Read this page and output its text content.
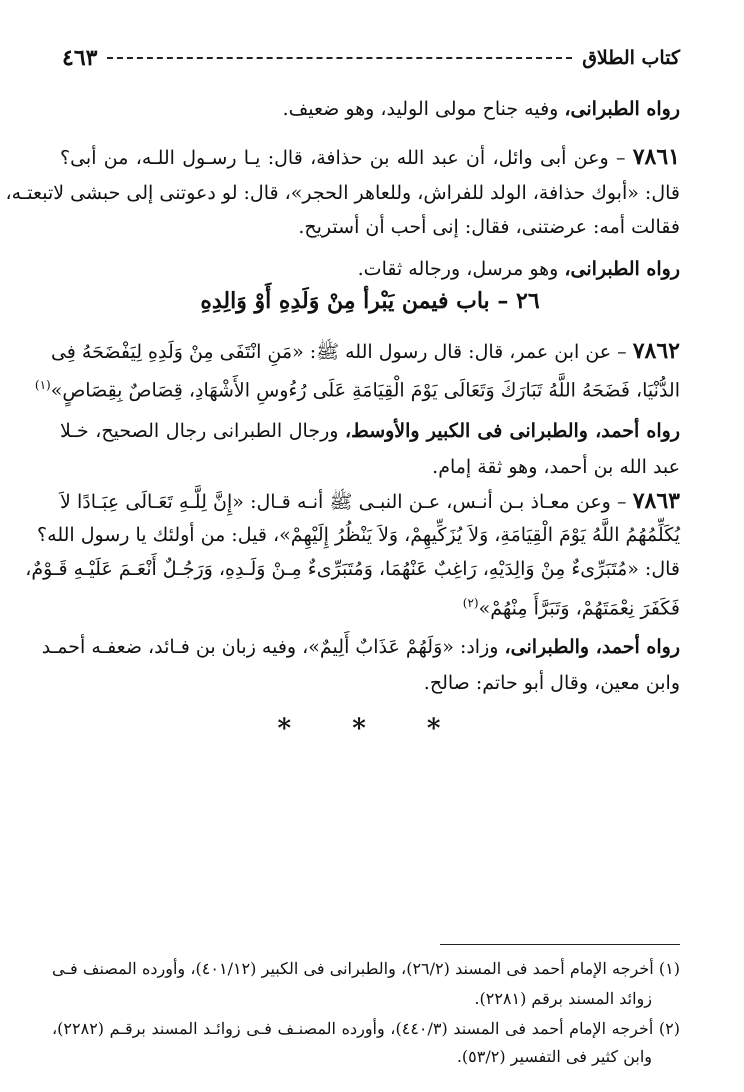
كتاب الطلاق
٤٦٣
رواه الطبرانى، وفيه جناح مولى الوليد، وهو ضعيف.
٧٨٦١ – وعن أبى وائل، أن عبد الله بن حذافة، قال: يـا رسـول اللـه، من أبى؟
قال: «أبوك حذافة، الولد للفراش، وللعاهر الحجر»، قال: لو دعوتنى إلى حبشى لاتبعتـه،
فقالت أمه: عرضتنى، فقال: إنى أحب أن أستريح.
رواه الطبرانى، وهو مرسل، ورجاله ثقات.
٢٦ – باب فيمن يَبْرأ مِنْ وَلَدِهِ أَوْ وَالِدِهِ
٧٨٦٢ – عن ابن عمر، قال: قال رسول الله ﷺ: «مَنِ انْتَفَى مِنْ وَلَدِهِ لِيَفْضَحَهُ فِى
الدُّنْيَا، فَضَحَهُ اللَّهُ تَبَارَكَ وَتَعَالَى يَوْمَ الْقِيَامَةِ عَلَى رُءُوسِ الأَشْهَادِ، قِصَاصٌ بِقِصَاصٍ»$^{(١)}$
رواه أحمد، والطبرانى فى الكبير والأوسط، ورجال الطبرانى رجال الصحيح، خـلا
عبد الله بن أحمد، وهو ثقة إمام.
٧٨٦٣ – وعن معـاذ بـن أنـس، عـن النبـى ﷺ أنـه قـال: «إِنَّ لِلَّـهِ تَعَـالَى عِبَـادًا لاَ
يُكَلِّمُهُمُ اللَّهُ يَوْمَ الْقِيَامَةِ، وَلاَ يُزَكِّيهِمْ، وَلاَ يَنْظُرُ إِلَيْهِمْ»، قيل: من أولئك يا رسول الله؟
قال: «مُتَبَرِّىءٌ مِنْ وَالِدَيْهِ، رَاغِبٌ عَنْهُمَا، وَمُتَبَرِّىءٌ مِـنْ وَلَـدِهِ، وَرَجُـلٌ أَنْعَـمَ عَلَيْـهِ قَـوْمٌ،
فَكَفَرَ نِعْمَتَهُمْ، وَتَبَرَّأَ مِنْهُمْ»$^{(٢)}$
رواه أحمد، والطبرانى، وزاد: «وَلَهُمْ عَذَابٌ أَلِيمٌ»، وفيه زبان بن فـائد، ضعفـه أحمـد
وابن معين، وقال أبو حاتم: صالح.
* * *
(١) أخرجه الإمام أحمد فى المسند (٢٦/٢)، والطبرانى فى الكبير (٤٠١/١٢)، وأورده المصنف فـى
زوائد المسند برقم (٢٢٨١).
(٢) أخرجه الإمام أحمد فى المسند (٤٤٠/٣)، وأورده المصنـف فـى زوائـد المسند برقـم (٢٢٨٢)،
وابن كثير فى التفسير (٥٣/٢).
